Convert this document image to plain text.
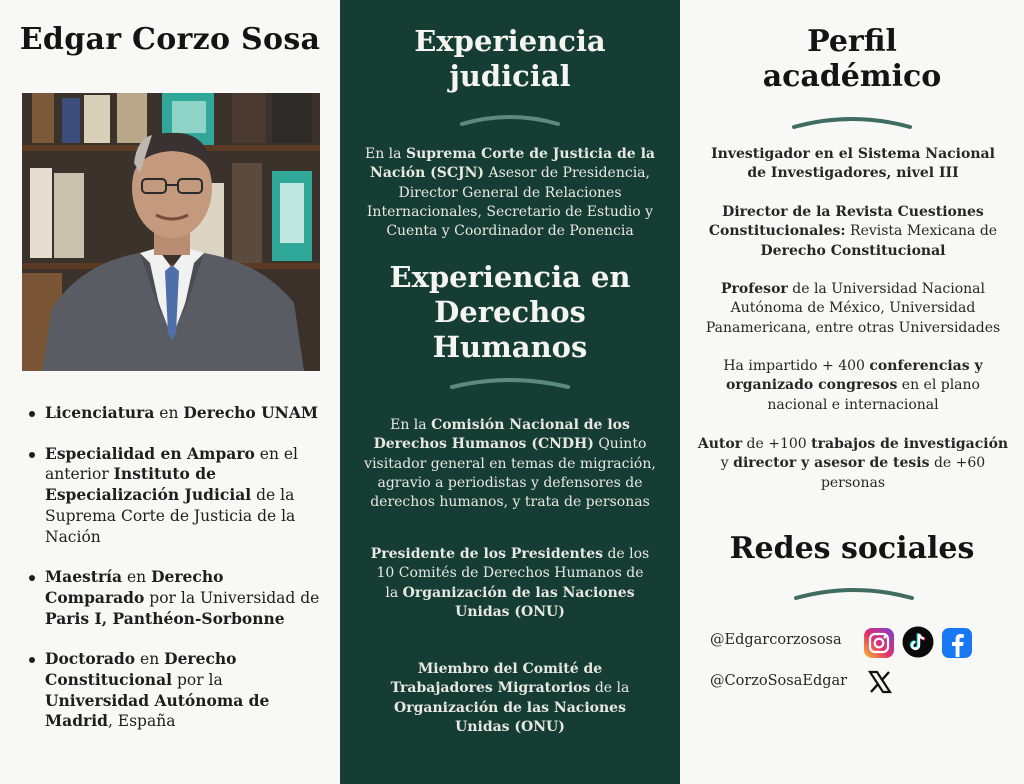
Edgar Corzo Sosa
Licenciatura en Derecho UNAM
Especialidad en Amparo en el anterior Instituto de Especialización Judicial de la Suprema Corte de Justicia de la Nación
Maestría en Derecho Comparado por la Universidad de Paris I, Panthéon-Sorbonne
Doctorado en Derecho Constitucional por la Universidad Autónoma de Madrid, España
Experiencia judicial
En la Suprema Corte de Justicia de la Nación (SCJN) Asesor de Presidencia, Director General de Relaciones Internacionales, Secretario de Estudio y Cuenta y Coordinador de Ponencia
Experiencia en Derechos Humanos
En la Comisión Nacional de los Derechos Humanos (CNDH) Quinto visitador general en temas de migración, agravio a periodistas y defensores de derechos humanos, y trata de personas
Presidente de los Presidentes de los 10 Comités de Derechos Humanos de la Organización de las Naciones Unidas (ONU)
Miembro del Comité de Trabajadores Migratorios de la Organización de las Naciones Unidas (ONU)
Perfil académico
Investigador en el Sistema Nacional de Investigadores, nivel III
Director de la Revista Cuestiones Constitucionales: Revista Mexicana de Derecho Constitucional
Profesor de la Universidad Nacional Autónoma de México, Universidad Panamericana, entre otras Universidades
Ha impartido + 400 conferencias y organizado congresos en el plano nacional e internacional
Autor de +100 trabajos de investigación y director y asesor de tesis de +60 personas
Redes sociales
@Edgarcorzososa
@CorzoSosaEdgar
